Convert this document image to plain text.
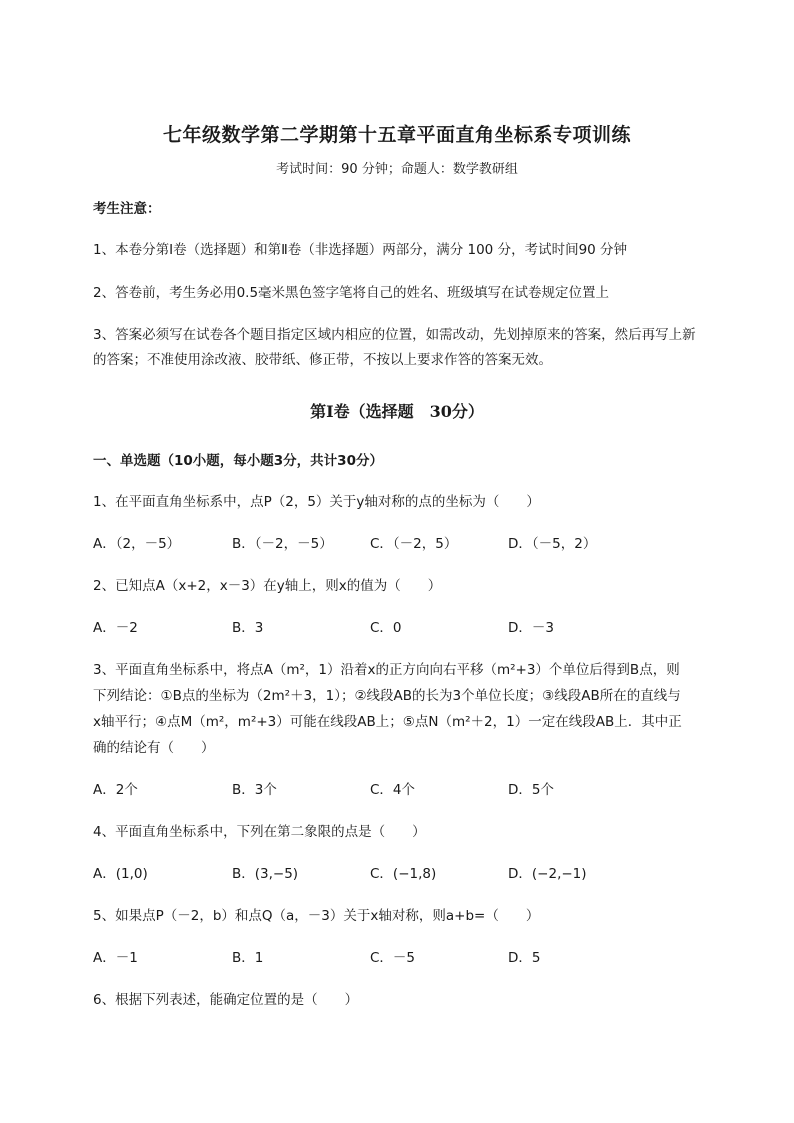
七年级数学第二学期第十五章平面直角坐标系专项训练
考试时间：90 分钟；命题人：数学教研组
考生注意：
1、本卷分第Ⅰ卷（选择题）和第Ⅱ卷（非选择题）两部分，满分 100 分，考试时间90 分钟
2、答卷前，考生务必用0.5毫米黑色签字笔将自己的姓名、班级填写在试卷规定位置上
3、答案必须写在试卷各个题目指定区域内相应的位置，如需改动，先划掉原来的答案，然后再写上新
的答案；不准使用涂改液、胶带纸、修正带，不按以上要求作答的答案无效。
第Ⅰ卷（选择题　30分）
一、单选题（10小题，每小题3分，共计30分）
1、在平面直角坐标系中，点P（2，5）关于y轴对称的点的坐标为（　　）
A．（2，－5）	B．（－2，－5）	C．（－2，5）	D．（－5，2）
2、已知点A（x+2，x－3）在y轴上，则x的值为（　　）
A．－2	B．3	C．0	D．－3
3、平面直角坐标系中，将点A（m²，1）沿着x的正方向向右平移（m²+3）个单位后得到B点，则
下列结论：①B点的坐标为（2m²＋3，1）；②线段AB的长为3个单位长度；③线段AB所在的直线与
x轴平行；④点M（m²，m²+3）可能在线段AB上；⑤点N（m²＋2，1）一定在线段AB上．其中正
确的结论有（　　）
A．2个	B．3个	C．4个	D．5个
4、平面直角坐标系中，下列在第二象限的点是（　　）
A．(1,0)	B．(3,−5)	C．(−1,8)	D．(−2,−1)
5、如果点P（－2，b）和点Q（a，－3）关于x轴对称，则a+b=（　　）
A．－1	B．1	C．－5	D．5
6、根据下列表述，能确定位置的是（　　）
